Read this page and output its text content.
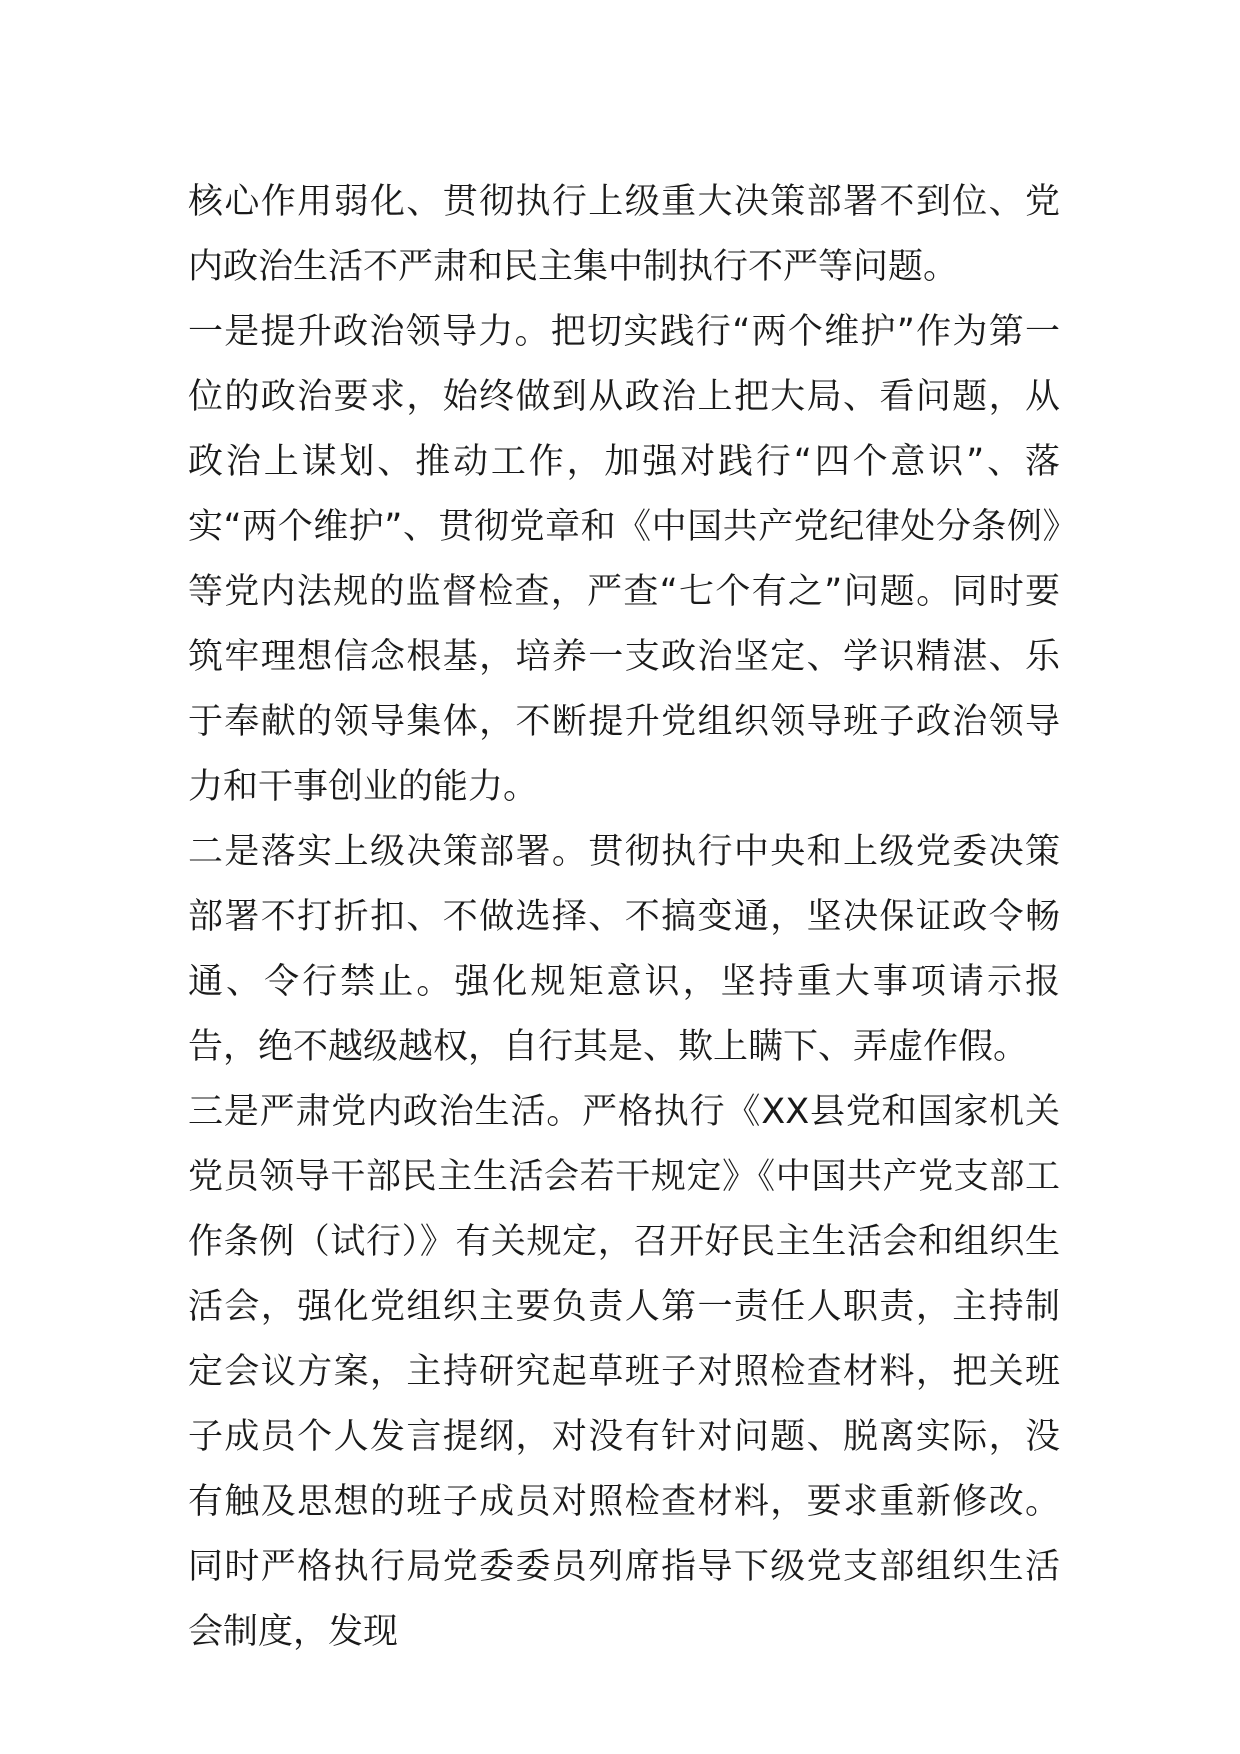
核心作用弱化、贯彻执行上级重大决策部署不到位、党内政治生活不严肃和民主集中制执行不严等问题。

一是提升政治领导力。把切实践行“两个维护”作为第一位的政治要求，始终做到从政治上把大局、看问题，从政治上谋划、推动工作，加强对践行“四个意识”、落实“两个维护”、贯彻党章和《中国共产党纪律处分条例》等党内法规的监督检查，严查“七个有之”问题。同时要筑牢理想信念根基，培养一支政治坚定、学识精湛、乐于奉献的领导集体，不断提升党组织领导班子政治领导力和干事创业的能力。

二是落实上级决策部署。贯彻执行中央和上级党委决策部署不打折扣、不做选择、不搞变通，坚决保证政令畅通、令行禁止。强化规矩意识，坚持重大事项请示报告，绝不越级越权，自行其是、欺上瞒下、弄虚作假。

三是严肃党内政治生活。严格执行《XX县党和国家机关党员领导干部民主生活会若干规定》《中国共产党支部工作条例（试行）》有关规定，召开好民主生活会和组织生活会，强化党组织主要负责人第一责任人职责，主持制定会议方案，主持研究起草班子对照检查材料，把关班子成员个人发言提纲，对没有针对问题、脱离实际，没有触及思想的班子成员对照检查材料，要求重新修改。同时严格执行局党委委员列席指导下级党支部组织生活会制度，发现
